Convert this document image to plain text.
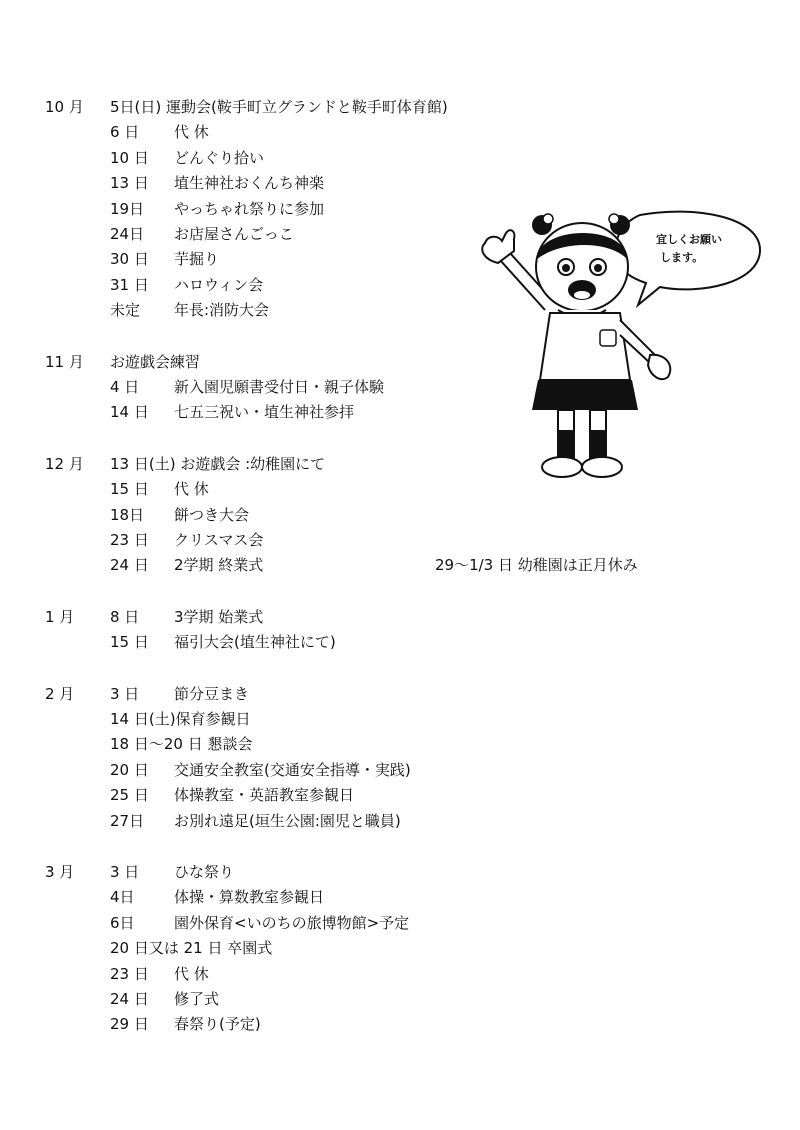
10 月 5日(日) 運動会(鞍手町立グランドと鞍手町体育館)
6 日 代 休
10 日 どんぐり拾い
13 日 埴生神社おくんち神楽
19日 やっちゃれ祭りに参加
24日 お店屋さんごっこ
30 日 芋掘り
31 日 ハロウィン会
未定 年長:消防大会
11 月 お遊戯会練習
4 日 新入園児願書受付日・親子体験
14 日 七五三祝い・埴生神社参拝
12 月 13 日(土) お遊戯会 :幼稚園にて
15 日 代 休
18日 餅つき大会
23 日 クリスマス会
24 日 2学期 終業式	29～1/3 日 幼稚園は正月休み
1 月 8 日 3学期 始業式
15 日 福引大会(埴生神社にて)
2 月 3 日 節分豆まき
14 日(土)保育参観日
18 日～20 日 懇談会
20 日 交通安全教室(交通安全指導・実践)
25 日 体操教室・英語教室参観日
27日 お別れ遠足(垣生公園:園児と職員)
3 月 3 日 ひな祭り
4日	体操・算数教室参観日
6日	園外保育<いのちの旅博物館>予定
20 日又は 21 日 卒園式
23 日 代 休
24 日 修了式
29 日 春祭り(予定)
宜しくお願い
します。
